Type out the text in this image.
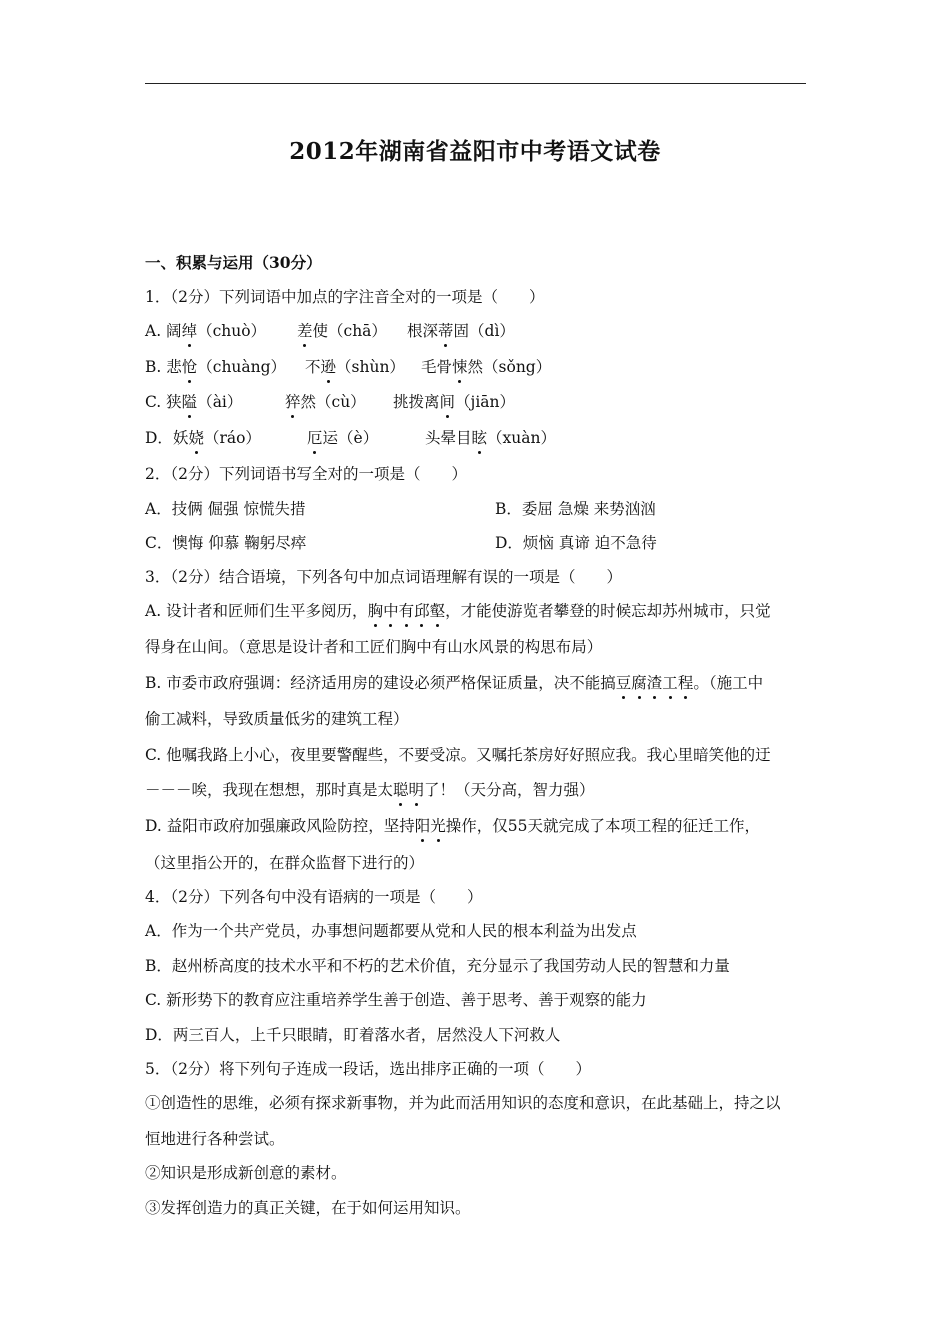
2012年湖南省益阳市中考语文试卷
一、积累与运用（30分）
1．（2分）下列词语中加点的字注音全对的一项是（　　）
A. 阔绰（chuò） 差使（chā） 根深蒂固（dì）
B. 悲怆（chuàng） 不逊（shùn） 毛骨悚然（sǒng）
C. 狭隘（ài）	猝然（cù） 挑拨离间（jiān）
D．妖娆（ráo）	厄运（è）	头晕目眩（xuàn）
2．（2分）下列词语书写全对的一项是（　　）
A．技俩 倔强 惊慌失措	B．委屈 急燥 来势汹汹
C．懊悔 仰慕 鞠躬尽瘁	D．烦恼 真谛 迫不急待
3．（2分）结合语境，下列各句中加点词语理解有误的一项是（　　）
A. 设计者和匠师们生平多阅历，胸中有邱壑，才能使游览者攀登的时候忘却苏州城市，只觉
得身在山间。（意思是设计者和工匠们胸中有山水风景的构思布局）
B. 市委市政府强调：经济适用房的建设必须严格保证质量，决不能搞豆腐渣工程。（施工中
偷工减料，导致质量低劣的建筑工程）
C. 他嘱我路上小心，夜里要警醒些，不要受凉。又嘱托茶房好好照应我。我心里暗笑他的迂
－－－唉，我现在想想，那时真是太聪明了！（天分高，智力强）
D. 益阳市政府加强廉政风险防控，坚持阳光操作，仅55天就完成了本项工程的征迁工作，
（这里指公开的，在群众监督下进行的）
4．（2分）下列各句中没有语病的一项是（　　）
A．作为一个共产党员，办事想问题都要从党和人民的根本利益为出发点
B．赵州桥高度的技术水平和不朽的艺术价值，充分显示了我国劳动人民的智慧和力量
C. 新形势下的教育应注重培养学生善于创造、善于思考、善于观察的能力
D．两三百人，上千只眼睛，盯着落水者，居然没人下河救人
5．（2分）将下列句子连成一段话，选出排序正确的一项（　　）
①创造性的思维，必须有探求新事物，并为此而活用知识的态度和意识，在此基础上，持之以
恒地进行各种尝试。
②知识是形成新创意的素材。
③发挥创造力的真正关键，在于如何运用知识。
